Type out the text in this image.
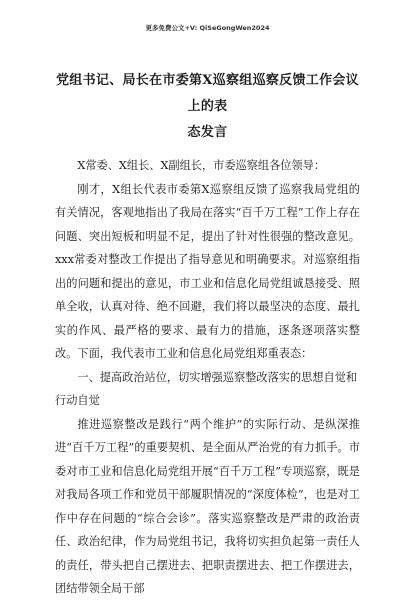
更多免费公文+V: QiSeGongWen2024
党组书记、局长在市委第X巡察组巡察反馈工作会议上的表
态发言
X常委、X组长、X副组长，市委巡察组各位领导：
刚才，X组长代表市委第X巡察组反馈了巡察我局党组的有关情况，客观地指出了我局在落实“百千万工程”工作上存在问题、突出短板和明显不足，提出了针对性很强的整改意见。xxx常委对整改工作提出了指导意见和明确要求。对巡察组指出的问题和提出的意见，市工业和信息化局党组诚恳接受、照单全收，认真对待、绝不回避，我们将以最坚决的态度、最扎实的作风、最严格的要求、最有力的措施，逐条逐项落实整改。下面，我代表市工业和信息化局党组郑重表态：
一、提高政治站位，切实增强巡察整改落实的思想自觉和行动自觉
推进巡察整改是践行“两个维护”的实际行动、是纵深推进“百千万工程”的重要契机、是全面从严治党的有力抓手。市委对市工业和信息化局党组开展“百千万工程”专项巡察，既是对我局各项工作和党员干部履职情况的“深度体检”，也是对工作中存在问题的“综合会诊”。落实巡察整改是严肃的政治责任、政治纪律，作为局党组书记，我将切实担负起第一责任人的责任，带头把自己摆进去、把职责摆进去、把工作摆进去，团结带领全局干部
